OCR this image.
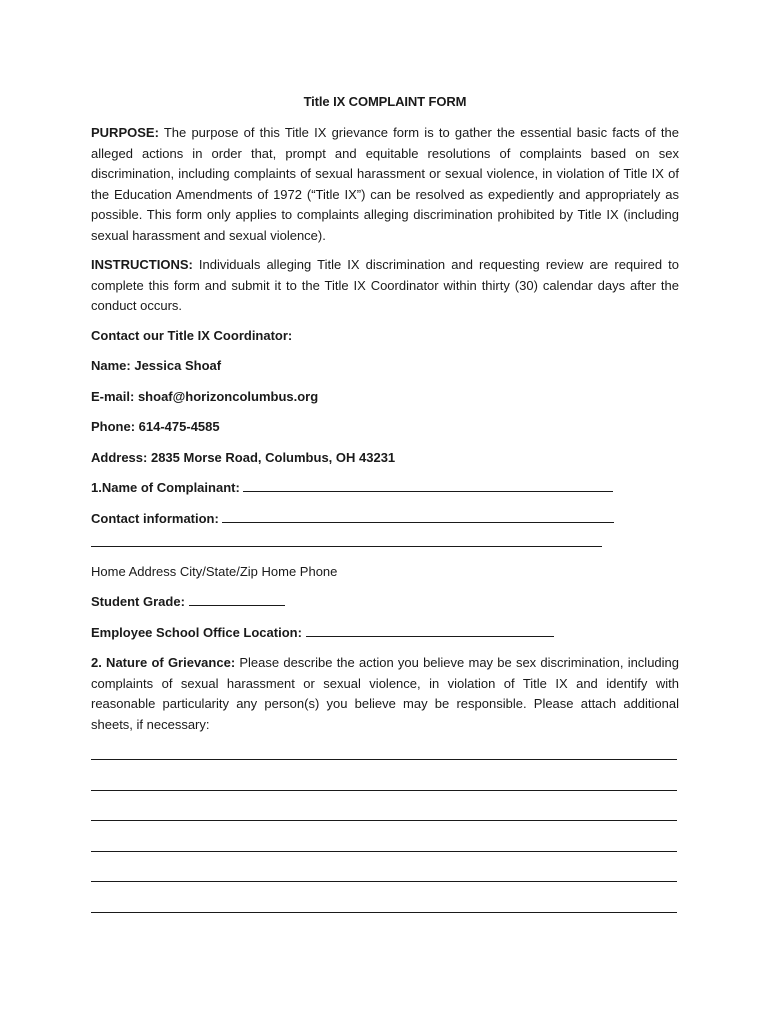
Title IX COMPLAINT FORM

PURPOSE: The purpose of this Title IX grievance form is to gather the essential basic facts of the alleged actions in order that, prompt and equitable resolutions of complaints based on sex discrimination, including complaints of sexual harassment or sexual violence, in violation of Title IX of the Education Amendments of 1972 (“Title IX”) can be resolved as expediently and appropriately as possible. This form only applies to complaints alleging discrimination prohibited by Title IX (including sexual harassment and sexual violence).

INSTRUCTIONS: Individuals alleging Title IX discrimination and requesting review are required to complete this form and submit it to the Title IX Coordinator within thirty (30) calendar days after the conduct occurs.

Contact our Title IX Coordinator:
Name: Jessica Shoaf
E-mail: shoaf@horizoncolumbus.org
Phone: 614-475-4585
Address: 2835 Morse Road, Columbus, OH 43231
1.Name of Complainant:
Contact information:
Home Address City/State/Zip Home Phone
Student Grade:
Employee School Office Location:

2. Nature of Grievance: Please describe the action you believe may be sex discrimination, including complaints of sexual harassment or sexual violence, in violation of Title IX and identify with reasonable particularity any person(s) you believe may be responsible. Please attach additional sheets, if necessary:
